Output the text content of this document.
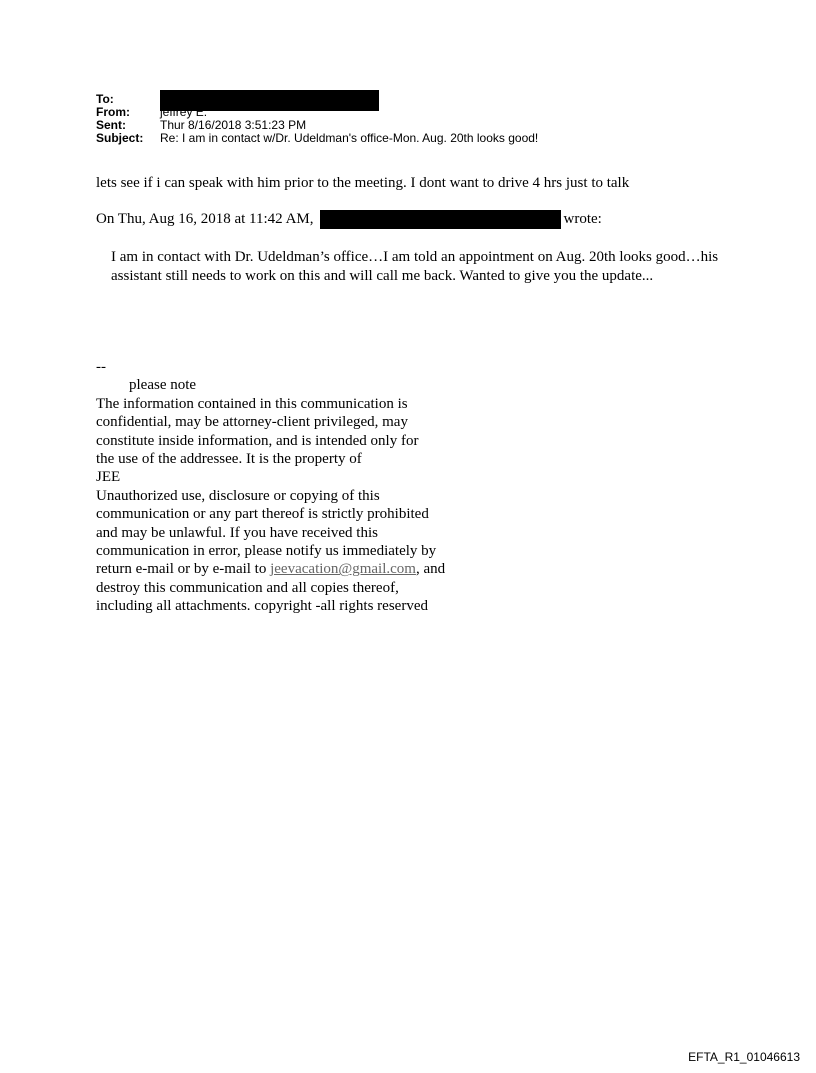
To:
From:	jeffrey E.
Sent:	Thur 8/16/2018 3:51:23 PM
Subject:	Re: I am in contact w/Dr. Udeldman's office-Mon. Aug. 20th looks good!
lets see if i can speak with him prior to the meeting. I dont want to drive 4 hrs just to talk
On Thu, Aug 16, 2018 at 11:42 AM,	wrote:
I am in contact with Dr. Udeldman’s office…I am told an appointment on Aug. 20th looks good…his assistant still needs to work on this and will call me back. Wanted to give you the update...
--
please note
The information contained in this communication is
confidential, may be attorney-client privileged, may
constitute inside information, and is intended only for
the use of the addressee. It is the property of
JEE
Unauthorized use, disclosure or copying of this
communication or any part thereof is strictly prohibited
and may be unlawful. If you have received this
communication in error, please notify us immediately by
return e-mail or by e-mail to jeevacation@gmail.com, and
destroy this communication and all copies thereof,
including all attachments. copyright -all rights reserved
EFTA_R1_01046613
